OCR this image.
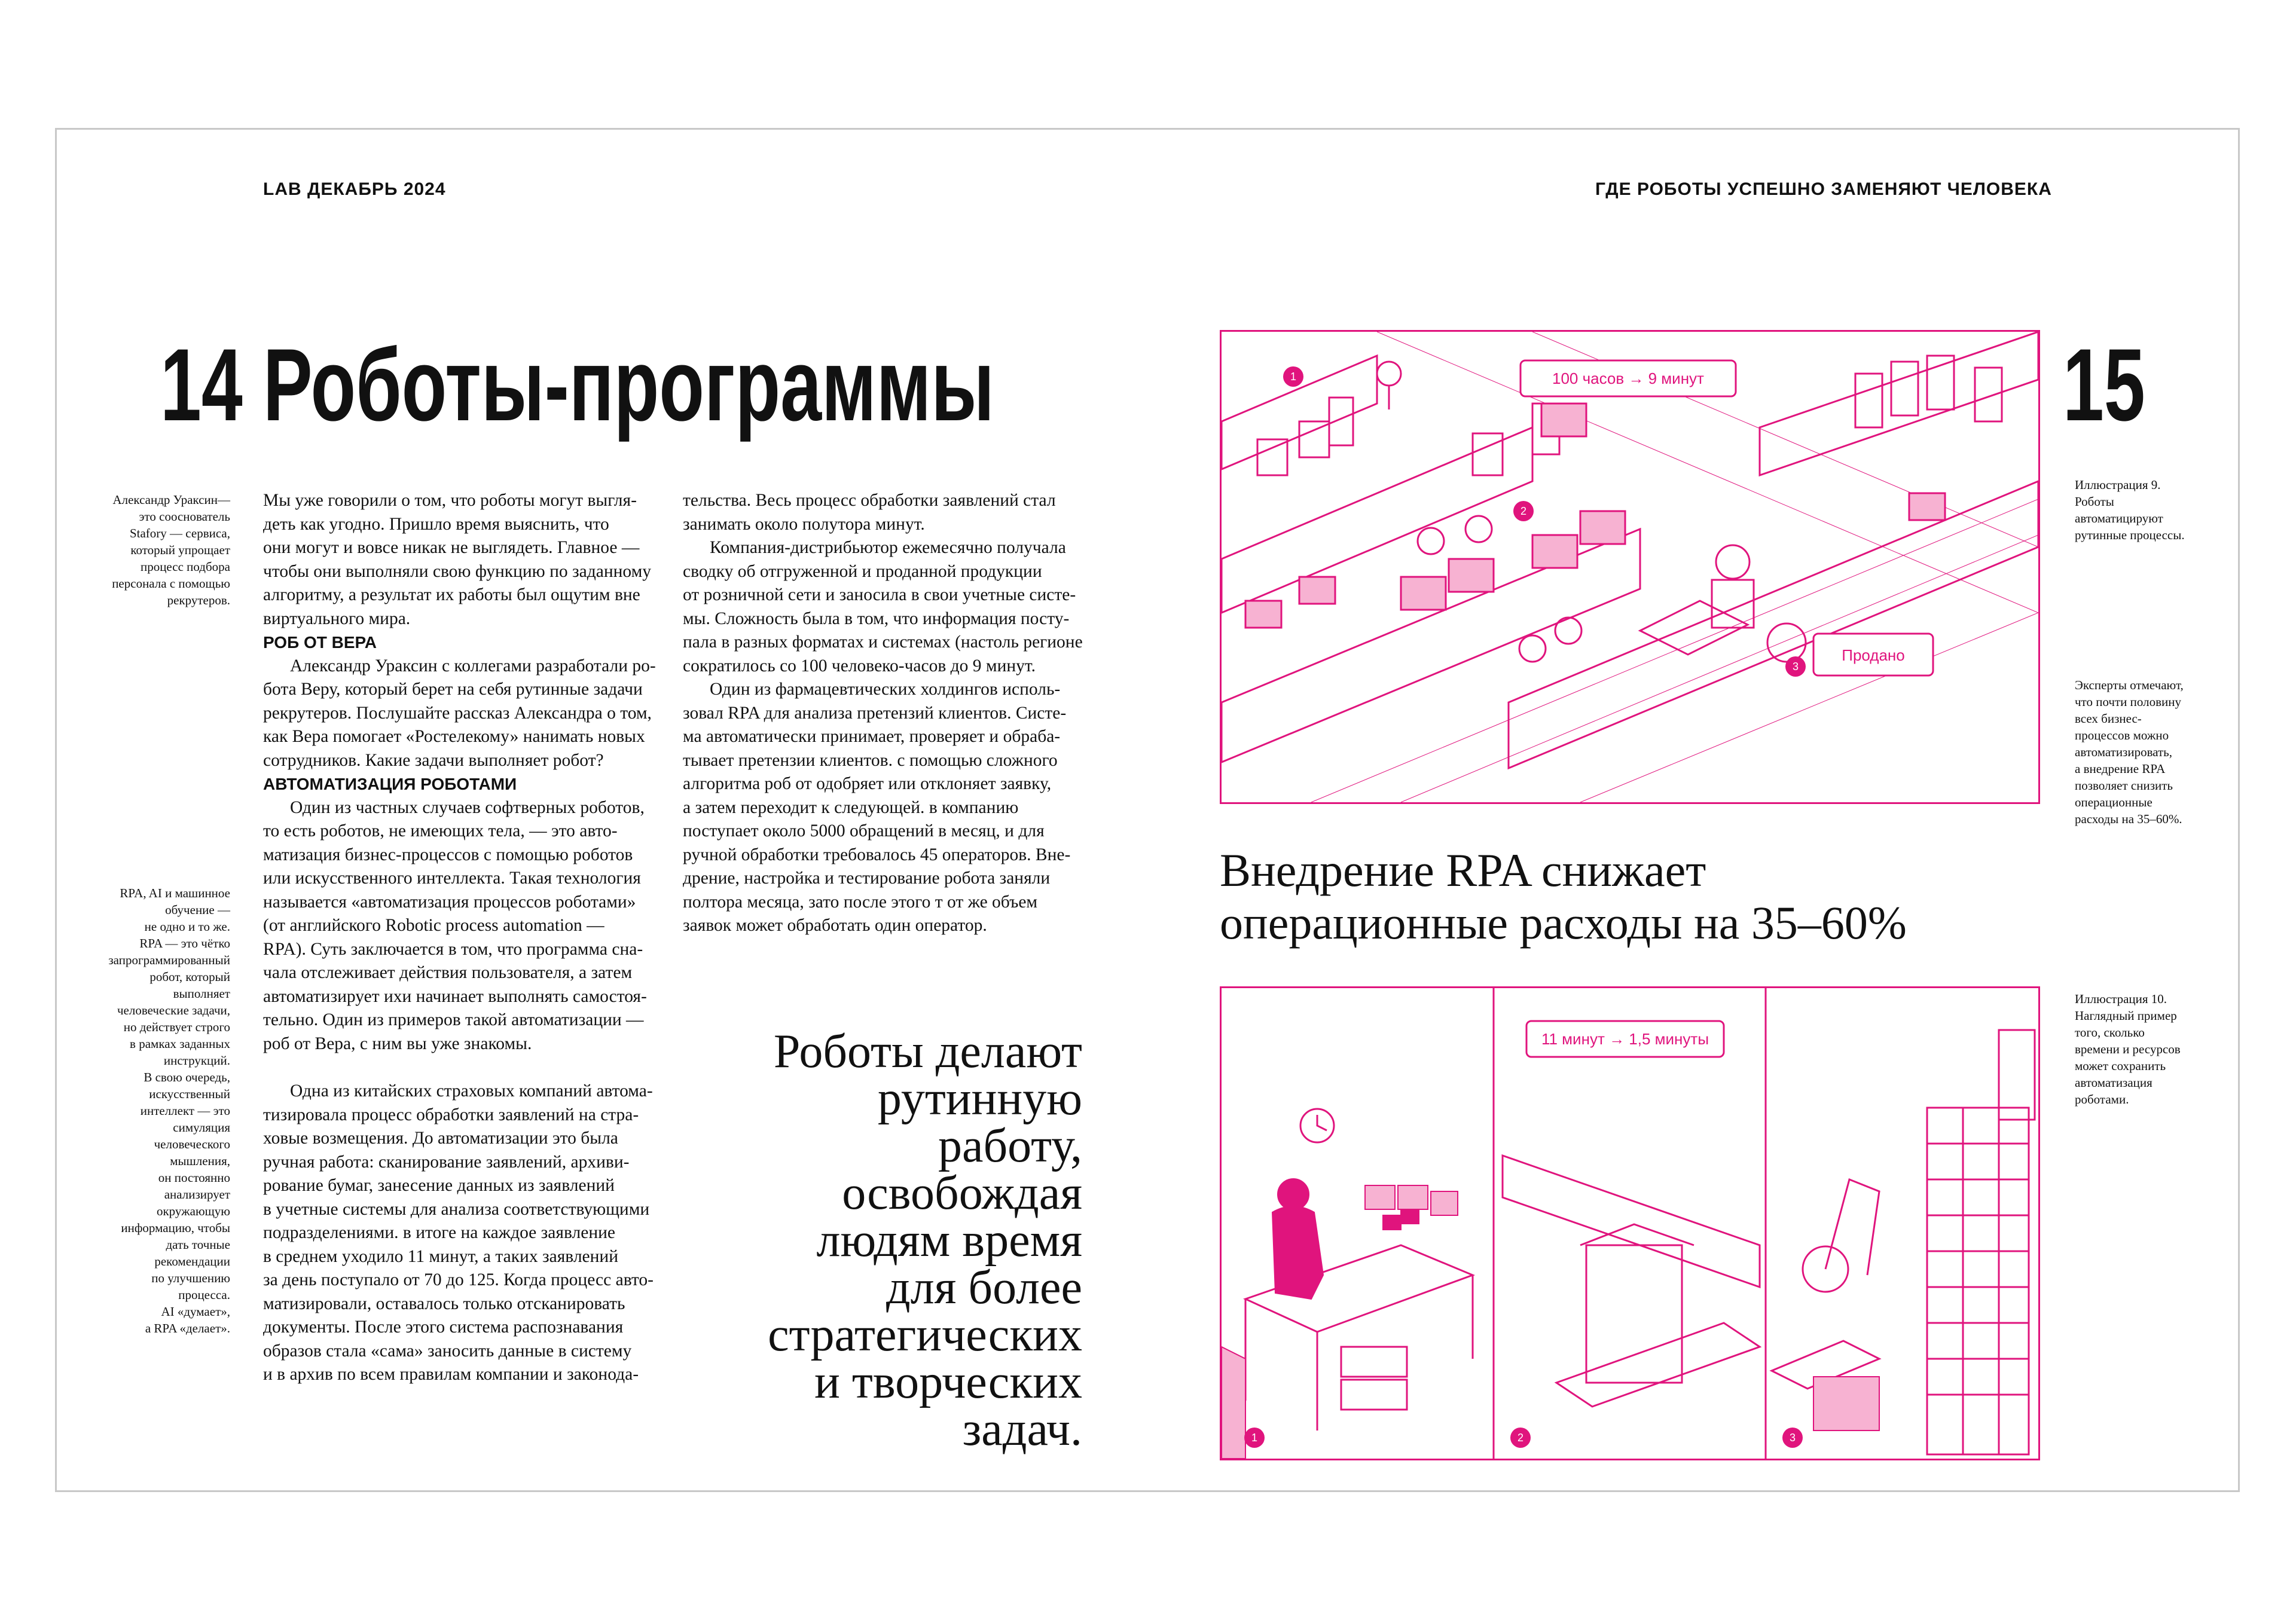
LAB ДЕКАБРЬ 2024	ГДЕ РОБОТЫ УСПЕШНО ЗАМЕНЯЮТ ЧЕЛОВЕКА
14 Роботы-программы	15
Александр Ураксин—
это сооснователь
Stafory — сервиса,
который упрощает
процесс подбора
персонала с помощью
рекрутеров.
RPA, AI и машинное
обучение —
не одно и то же.
RPA — это чётко
запрограммированный
робот, который
выполняет
человеческие задачи,
но действует строго
в рамках заданных
инструкций.
В свою очередь,
искусственный
интеллект — это
симуляция
человеческого
мышления,
он постоянно
анализирует
окружающую
информацию, чтобы
дать точные
рекомендации
по улучшению
процесса.
AI «думает»,
а RPA «делает».

Мы уже говорили о том, что роботы могут выгля-
деть как угодно. Пришло время выяснить, что
они могут и вовсе никак не выглядеть. Главное —
чтобы они выполняли свою функцию по заданному
алгоритму, а результат их работы был ощутим вне
виртуального мира.

РОБ ОТ ВЕРА

Александр Ураксин с коллегами разработали ро-
бота Веру, который берет на себя рутинные задачи
рекрутеров. Послушайте рассказ Александра о том,
как Вера помогает «Ростелекому» нанимать новых
сотрудников. Какие задачи выполняет робот?

АВТОМАТИЗАЦИЯ РОБОТАМИ

Один из частных случаев софтверных роботов,
то есть роботов, не имеющих тела, — это авто-
матизация бизнес-процессов с помощью роботов
или искусственного интеллекта. Такая технология
называется «автоматизация процессов роботами»
(от английского Robotic process automation —
RPA). Суть заключается в том, что программа сна-
чала отслеживает действия пользователя, а затем
автоматизирует ихи начинает выполнять самостоя-
тельно. Один из примеров такой автоматизации —
роб от Вера, с ним вы уже знакомы.

Одна из китайских страховых компаний автома-
тизировала процесс обработки заявлений на стра-
ховые возмещения. До автоматизации это была
ручная работа: сканирование заявлений, архиви-
рование бумаг, занесение данных из заявлений
в учетные системы для анализа соответствующими
подразделениями. в итоге на каждое заявление
в среднем уходило 11 минут, а таких заявлений
за день поступало от 70 до 125. Когда процесс авто-
матизировали, оставалось только отсканировать
документы. После этого система распознавания
образов стала «сама» заносить данные в систему
и в архив по всем правилам компании и законода-

тельства. Весь процесс обработки заявлений стал
занимать около полутора минут.

Компания-дистрибьютор ежемесячно получала
сводку об отгруженной и проданной продукции
от розничной сети и заносила в свои учетные систе-
мы. Сложность была в том, что информация посту-
пала в разных форматах и системах (настоль регионе
сократилось со 100 человеко-часов до 9 минут.

Один из фармацевтических холдингов исполь-
зовал RPA для анализа претензий клиентов. Систе-
ма автоматически принимает, проверяет и обраба-
тывает претензии клиентов. с помощью сложного
алгоритма роб от одобряет или отклоняет заявку,
а затем переходит к следующей. в компанию
поступает около 5000 обращений в месяц, и для
ручной обработки требовалось 45 операторов. Вне-
дрение, настройка и тестирование робота заняли
полтора месяца, зато после этого т от же объем
заявок может обработать один оператор.

Роботы делают
рутинную
работу,
освобождая
людям время
для более
стратегических
и творческих
задач.
100 часов → 9 минут
Продано
1
2
3
Иллюстрация 9.
Роботы
автоматицируют
рутинные процессы.
Эксперты отмечают,
что почти половину
всех бизнес-
процессов можно
автоматизировать,
а внедрение RPA
позволяет снизить
операционные
расходы на 35–60%.
Иллюстрация 10.
Наглядный пример
того, сколько
времени и ресурсов
может сохранить
автоматизация
роботами.
Внедрение RPA снижает
операционные расходы на 35–60%
11 минут → 1,5 минуты
1	2	3
